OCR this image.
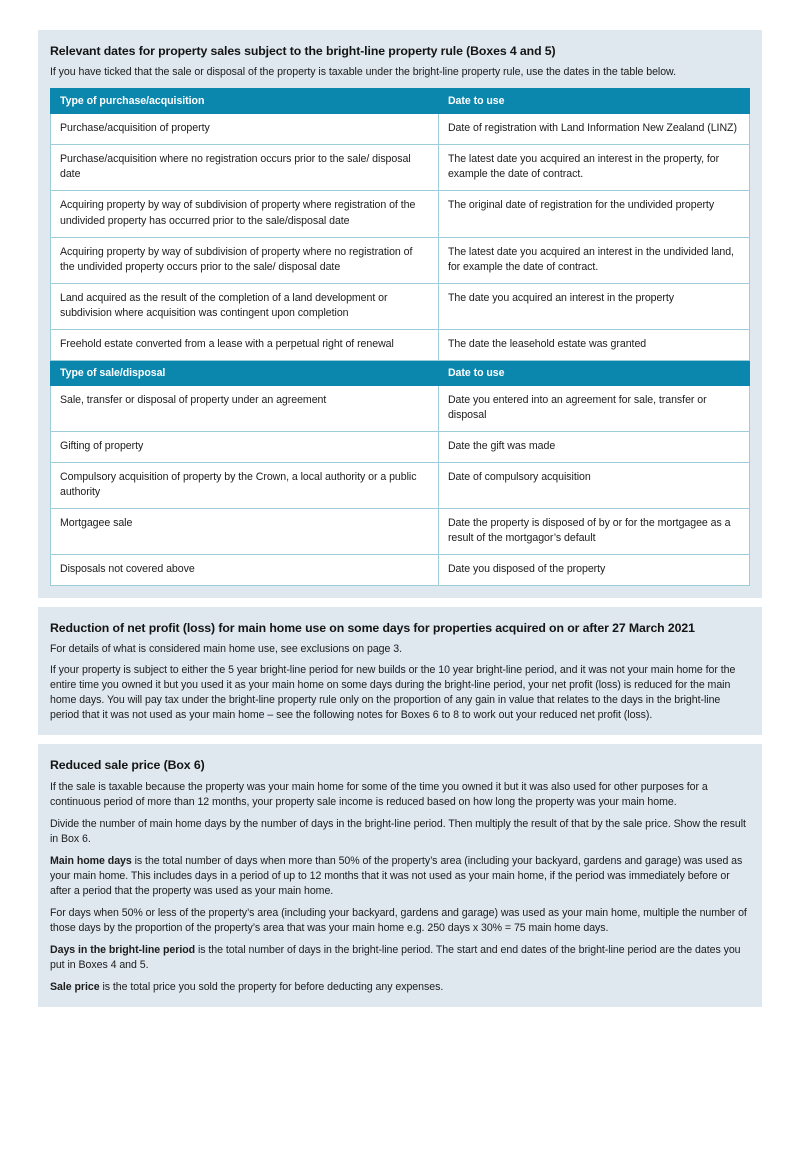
Relevant dates for property sales subject to the bright-line property rule (Boxes 4 and 5)

If you have ticked that the sale or disposal of the property is taxable under the bright-line property rule, use the dates in the table below.

Type of purchase/acquisition	Date to use
Purchase/acquisition of property	Date of registration with Land Information New Zealand (LINZ)
Purchase/acquisition where no registration occurs prior to the sale/ disposal date	The latest date you acquired an interest in the property, for example the date of contract.
Acquiring property by way of subdivision of property where registration of the undivided property has occurred prior to the sale/disposal date	The original date of registration for the undivided property
Acquiring property by way of subdivision of property where no registration of the undivided property occurs prior to the sale/ disposal date	The latest date you acquired an interest in the undivided land, for example the date of contract.
Land acquired as the result of the completion of a land development or subdivision where acquisition was contingent upon completion	The date you acquired an interest in the property
Freehold estate converted from a lease with a perpetual right of renewal	The date the leasehold estate was granted
Type of sale/disposal	Date to use
Sale, transfer or disposal of property under an agreement	Date you entered into an agreement for sale, transfer or disposal
Gifting of property	Date the gift was made
Compulsory acquisition of property by the Crown, a local authority or a public authority	Date of compulsory acquisition
Mortgagee sale	Date the property is disposed of by or for the mortgagee as a result of the mortgagor’s default
Disposals not covered above	Date you disposed of the property
Reduction of net profit (loss) for main home use on some days for properties acquired on or after 27 March 2021

For details of what is considered main home use, see exclusions on page 3.

If your property is subject to either the 5 year bright-line period for new builds or the 10 year bright-line period, and it was not your main home for the entire time you owned it but you used it as your main home on some days during the bright-line period, your net profit (loss) is reduced for the main home days. You will pay tax under the bright-line property rule only on the proportion of any gain in value that relates to the days in the bright-line period that it was not used as your main home – see the following notes for Boxes 6 to 8 to work out your reduced net profit (loss).

Reduced sale price (Box 6)

If the sale is taxable because the property was your main home for some of the time you owned it but it was also used for other purposes for a continuous period of more than 12 months, your property sale income is reduced based on how long the property was your main home.

Divide the number of main home days by the number of days in the bright-line period. Then multiply the result of that by the sale price. Show the result in Box 6.

Main home days is the total number of days when more than 50% of the property’s area (including your backyard, gardens and garage) was used as your main home. This includes days in a period of up to 12 months that it was not used as your main home, if the period was immediately before or after a period that the property was used as your main home.

For days when 50% or less of the property’s area (including your backyard, gardens and garage) was used as your main home, multiple the number of those days by the proportion of the property’s area that was your main home e.g. 250 days x 30% = 75 main home days.

Days in the bright-line period is the total number of days in the bright-line period. The start and end dates of the bright-line period are the dates you put in Boxes 4 and 5.

Sale price is the total price you sold the property for before deducting any expenses.
